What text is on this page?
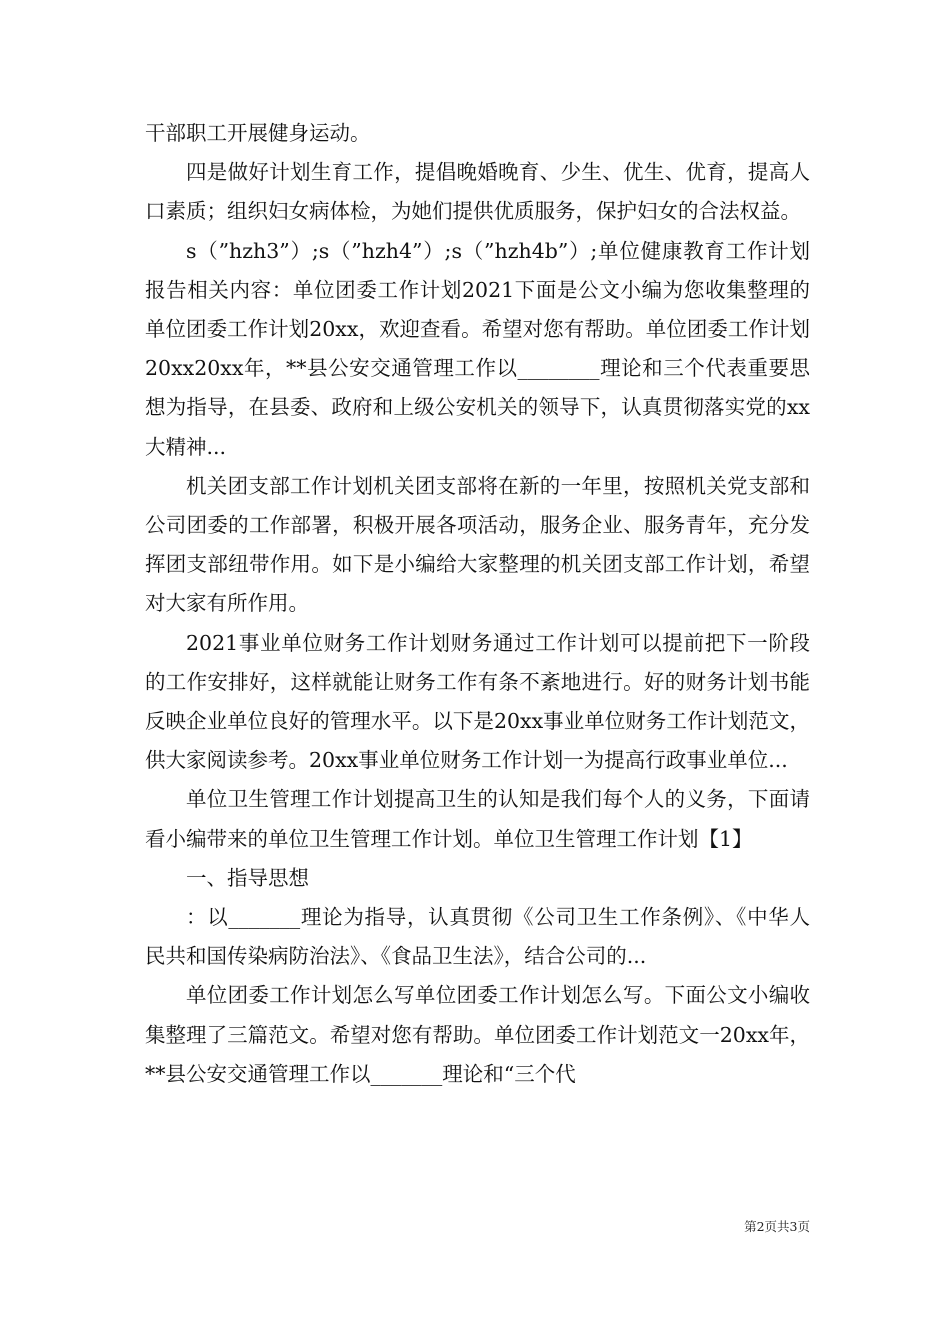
干部职工开展健身运动。

四是做好计划生育工作，提倡晚婚晚育、少生、优生、优育，提高人口素质；组织妇女病体检，为她们提供优质服务，保护妇女的合法权益。

s（”hzh3”）;s（”hzh4”）;s（”hzh4b”）;单位健康教育工作计划报告相关内容：单位团委工作计划2021下面是公文小编为您收集整理的单位团委工作计划20xx，欢迎查看。希望对您有帮助。单位团委工作计划20xx20xx年，**县公安交通管理工作以________理论和三个代表重要思想为指导，在县委、政府和上级公安机关的领导下，认真贯彻落实党的xx大精神...

机关团支部工作计划机关团支部将在新的一年里，按照机关党支部和公司团委的工作部署，积极开展各项活动，服务企业、服务青年，充分发挥团支部纽带作用。如下是小编给大家整理的机关团支部工作计划，希望对大家有所作用。

2021事业单位财务工作计划财务通过工作计划可以提前把下一阶段的工作安排好，这样就能让财务工作有条不紊地进行。好的财务计划书能反映企业单位良好的管理水平。以下是20xx事业单位财务工作计划范文，供大家阅读参考。20xx事业单位财务工作计划一为提高行政事业单位...

单位卫生管理工作计划提高卫生的认知是我们每个人的义务，下面请看小编带来的单位卫生管理工作计划。单位卫生管理工作计划【1】

一、指导思想

：以_______理论为指导，认真贯彻《公司卫生工作条例》、《中华人民共和国传染病防治法》、《食品卫生法》，结合公司的...

单位团委工作计划怎么写单位团委工作计划怎么写。下面公文小编收集整理了三篇范文。希望对您有帮助。单位团委工作计划范文一20xx年，**县公安交通管理工作以_______理论和“三个代

第2页共3页
